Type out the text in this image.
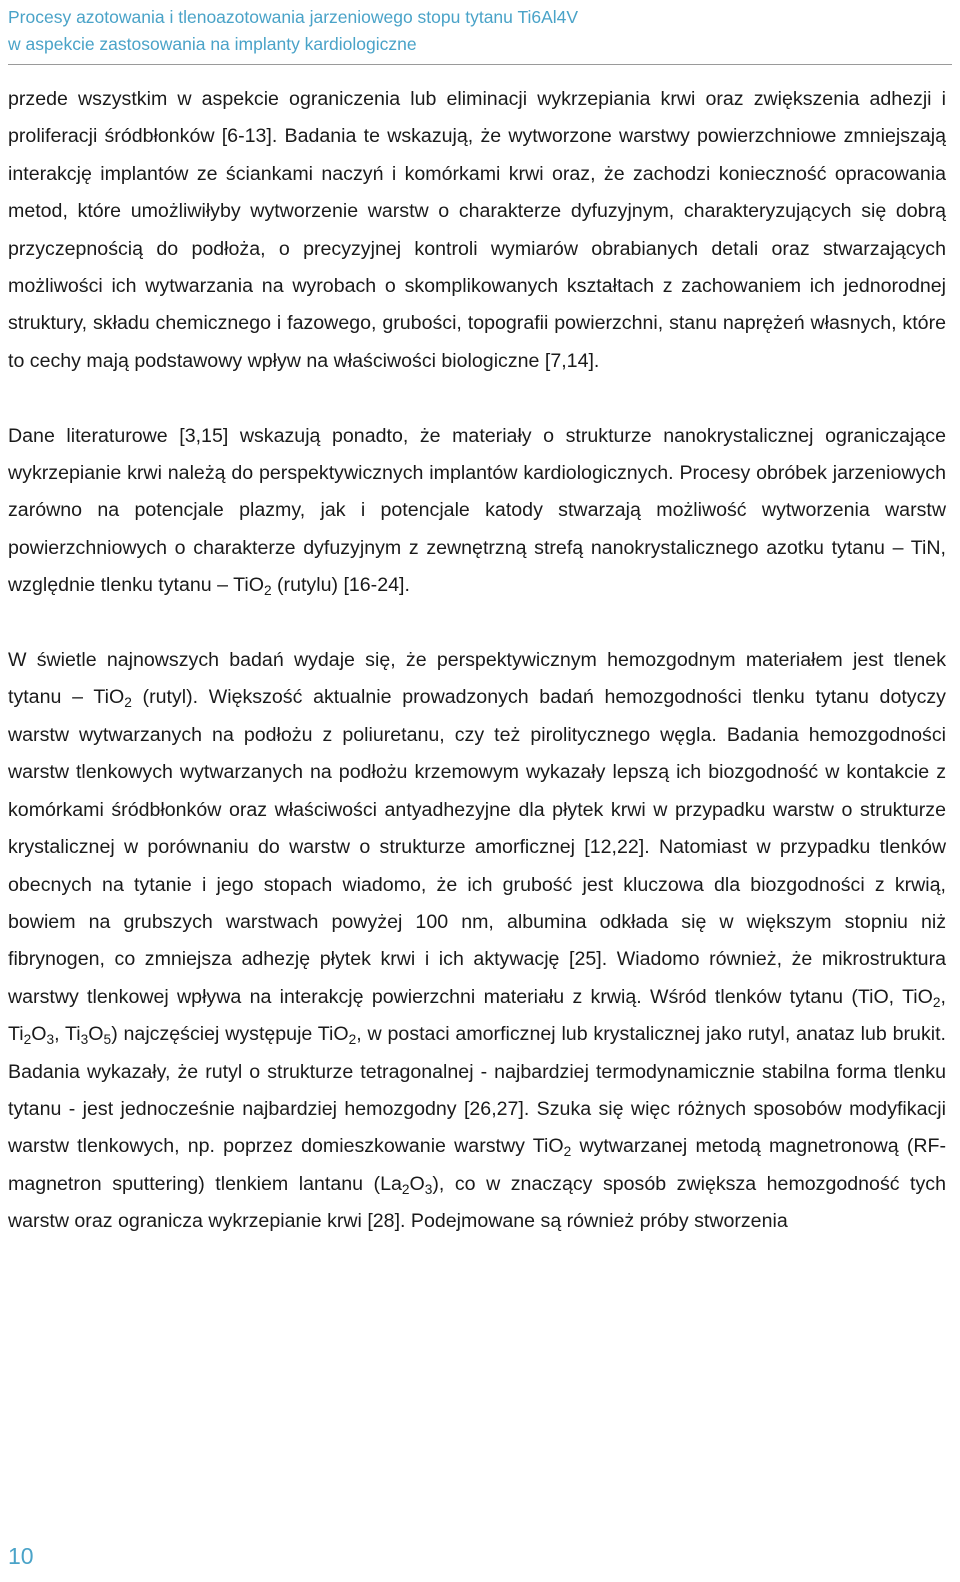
Procesy azotowania i tlenoazotowania jarzeniowego stopu tytanu Ti6Al4V
w aspekcie zastosowania na implanty kardiologiczne

przede wszystkim w aspekcie ograniczenia lub eliminacji wykrzepiania krwi oraz zwiększenia adhezji i proliferacji śródbłonków [6-13]. Badania te wskazują, że wytworzone warstwy powierzchniowe zmniejszają interakcję implantów ze ściankami naczyń i komórkami krwi oraz, że zachodzi konieczność opracowania metod, które umożliwiłyby wytworzenie warstw o charakterze dyfuzyjnym, charakteryzujących się dobrą przyczepnością do podłoża, o precyzyjnej kontroli wymiarów obrabianych detali oraz stwarzających możliwości ich wytwarzania na wyrobach o skomplikowanych kształtach z zachowaniem ich jednorodnej struktury, składu chemicznego i fazowego, grubości, topografii powierzchni, stanu naprężeń własnych, które to cechy mają podstawowy wpływ na właściwości biologiczne [7,14].

Dane literaturowe [3,15] wskazują ponadto, że materiały o strukturze nanokrystalicznej ograniczające wykrzepianie krwi należą do perspektywicznych implantów kardiologicznych. Procesy obróbek jarzeniowych zarówno na potencjale plazmy, jak i potencjale katody stwarzają możliwość wytworzenia warstw powierzchniowych o charakterze dyfuzyjnym z zewnętrzną strefą nanokrystalicznego azotku tytanu – TiN, względnie tlenku tytanu – TiO$_2$ (rutylu) [16-24].

W świetle najnowszych badań wydaje się, że perspektywicznym hemozgodnym materiałem jest tlenek tytanu – TiO$_2$ (rutyl). Większość aktualnie prowadzonych badań hemozgodności tlenku tytanu dotyczy warstw wytwarzanych na podłożu z poliuretanu, czy też pirolitycznego węgla. Badania hemozgodności warstw tlenkowych wytwarzanych na podłożu krzemowym wykazały lepszą ich biozgodność w kontakcie z komórkami śródbłonków oraz właściwości antyadhezyjne dla płytek krwi w przypadku warstw o strukturze krystalicznej w porównaniu do warstw o strukturze amorficznej [12,22]. Natomiast w przypadku tlenków obecnych na tytanie i jego stopach wiadomo, że ich grubość jest kluczowa dla biozgodności z krwią, bowiem na grubszych warstwach powyżej 100 nm, albumina odkłada się w większym stopniu niż fibrynogen, co zmniejsza adhezję płytek krwi i ich aktywację [25]. Wiadomo również, że mikrostruktura warstwy tlenkowej wpływa na interakcję powierzchni materiału z krwią. Wśród tlenków tytanu (TiO, TiO$_2$, $Ti_2O_3$, $Ti_3O_5$) najczęściej występuje TiO$_2$, w postaci amorficznej lub krystalicznej jako rutyl, anataz lub brukit. Badania wykazały, że rutyl o strukturze tetragonalnej - najbardziej termodynamicznie stabilna forma tlenku tytanu - jest jednocześnie najbardziej hemozgodny [26,27]. Szuka się więc różnych sposobów modyfikacji warstw tlenkowych, np. poprzez domieszkowanie warstwy TiO$_2$ wytwarzanej metodą magnetronową (RF-magnetron sputtering) tlenkiem lantanu $(La_2O_3)$, co w znaczący sposób zwiększa hemozgodność tych warstw oraz ogranicza wykrzepianie krwi [28]. Podejmowane są również próby stworzenia

10
